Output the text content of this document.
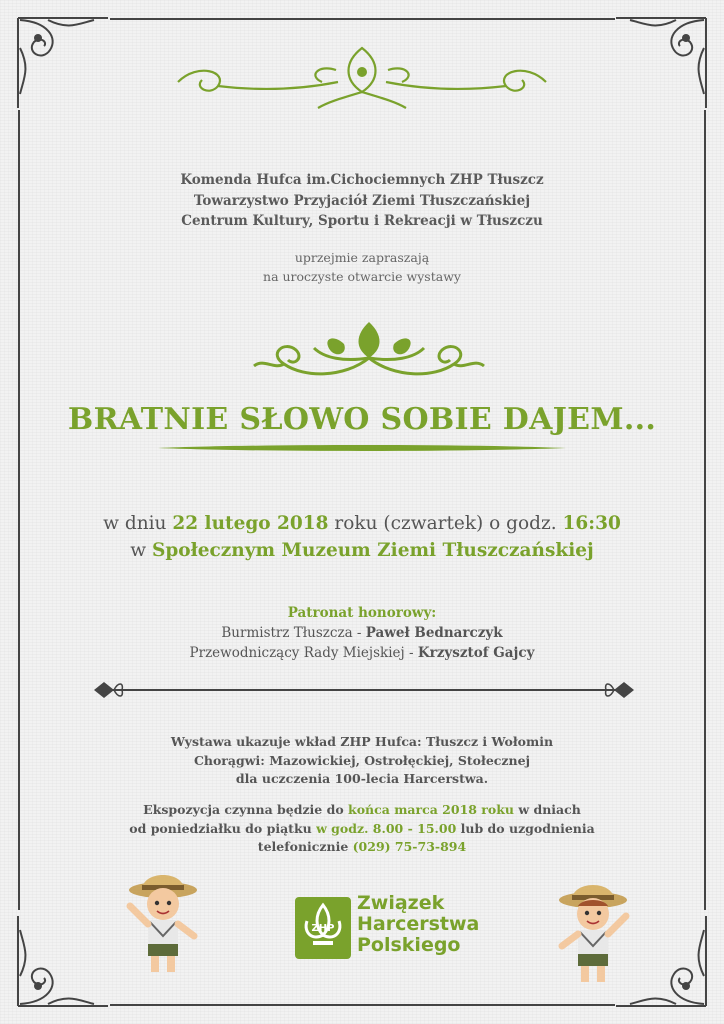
Komenda Hufca im.Cichociemnych ZHP Tłuszcz
Towarzystwo Przyjaciół Ziemi Tłuszczańskiej
Centrum Kultury, Sportu i Rekreacji w Tłuszczu
uprzejmie zapraszają
na uroczyste otwarcie wystawy
BRATNIE SŁOWO SOBIE DAJEM...
w dniu 22 lutego 2018 roku (czwartek) o godz. 16:30
w Społecznym Muzeum Ziemi Tłuszczańskiej
Patronat honorowy:
Burmistrz Tłuszcza - Paweł Bednarczyk
Przewodniczący Rady Miejskiej - Krzysztof Gajcy
Wystawa ukazuje wkład ZHP Hufca: Tłuszcz i Wołomin
Chorągwi: Mazowickiej, Ostrołęckiej, Stołecznej
dla uczczenia 100-lecia Harcerstwa.
Ekspozycja czynna będzie do końca marca 2018 roku w dniach
od poniedziałku do piątku w godz. 8.00 - 15.00 lub do uzgodnienia
telefonicznie (029) 75-73-894
ZHP
Związek
Harcerstwa
Polskiego
